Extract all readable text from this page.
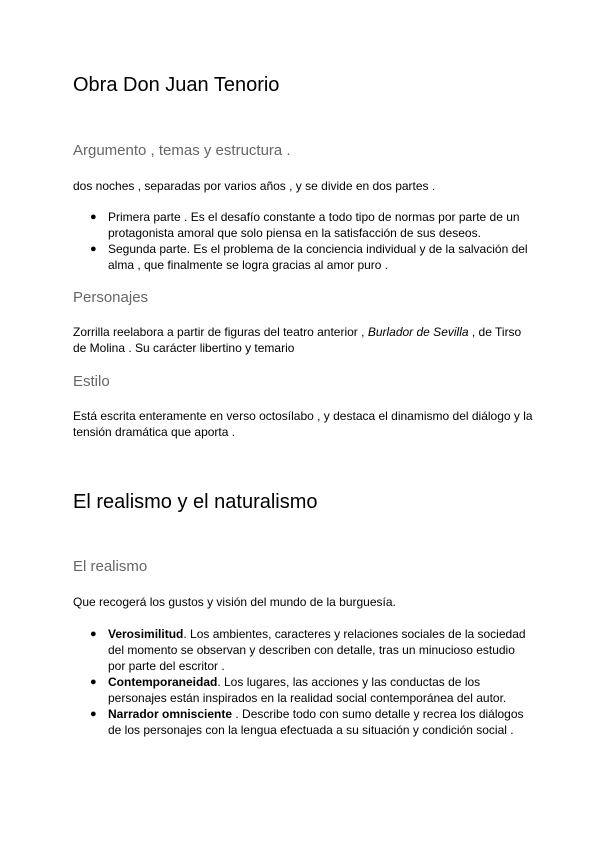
Obra Don Juan Tenorio
Argumento , temas y estructura .

dos noches , separadas por varios años , y se divide en dos partes .

● Primera parte . Es el desafío constante a todo tipo de normas por parte de un protagonista amoral que solo piensa en la satisfacción de sus deseos.
● Segunda parte. Es el problema de la conciencia individual y de la salvación del alma , que finalmente se logra gracias al amor puro .
Personajes

Zorrilla reelabora a partir de figuras del teatro anterior , Burlador de Sevilla , de Tirso de Molina . Su carácter libertino y temario

Estilo

Está escrita enteramente en verso octosílabo , y destaca el dinamismo del diálogo y la tensión dramática que aporta .

El realismo y el naturalismo
El realismo

Que recogerá los gustos y visión del mundo de la burguesía.

● Verosimilitud. Los ambientes, caracteres y relaciones sociales de la sociedad del momento se observan y describen con detalle, tras un minucioso estudio por parte del escritor .
● Contemporaneidad. Los lugares, las acciones y las conductas de los personajes están inspirados en la realidad social contemporánea del autor.
● Narrador omnisciente . Describe todo con sumo detalle y recrea los diálogos de los personajes con la lengua efectuada a su situación y condición social .
